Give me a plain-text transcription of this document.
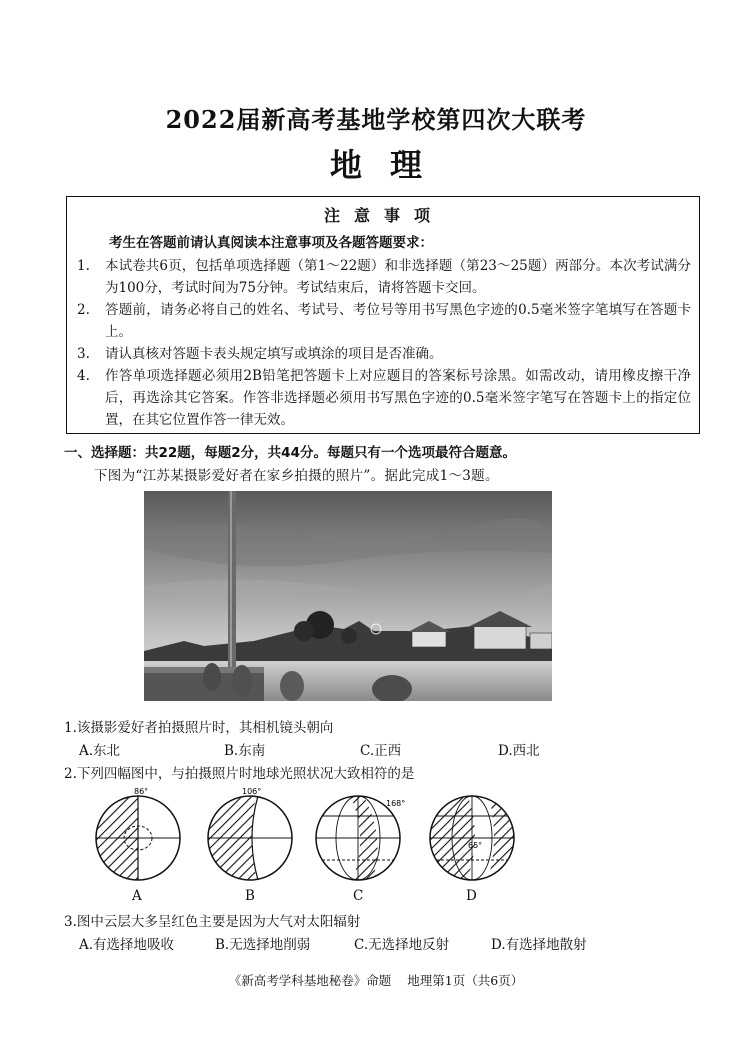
2022届新高考基地学校第四次大联考
地理
注意事项
考生在答题前请认真阅读本注意事项及各题答题要求：
1.	本试卷共6页，包括单项选择题（第1～22题）和非选择题（第23～25题）两部分。本次考试满分为100分，考试时间为75分钟。考试结束后，请将答题卡交回。
2.	答题前，请务必将自己的姓名、考试号、考位号等用书写黑色字迹的0.5毫米签字笔填写在答题卡上。
3.	请认真核对答题卡表头规定填写或填涂的项目是否准确。
4.	作答单项选择题必须用2B铅笔把答题卡上对应题目的答案标号涂黑。如需改动，请用橡皮擦干净后，再选涂其它答案。作答非选择题必须用书写黑色字迹的0.5毫米签字笔写在答题卡上的指定位置，在其它位置作答一律无效。
一、选择题：共22题，每题2分，共44分。每题只有一个选项最符合题意。
下图为“江苏某摄影爱好者在家乡拍摄的照片”。据此完成1～3题。
1.该摄影爱好者拍摄照片时，其相机镜头朝向
A.东北	B.东南	C.正西	D.西北
2.下列四幅图中，与拍摄照片时地球光照状况大致相符的是
86°
A
106°
B
168°
C
65°
D
3.图中云层大多呈红色主要是因为大气对太阳辐射
A.有选择地吸收	B.无选择地削弱	C.无选择地反射	D.有选择地散射
《新高考学科基地秘卷》命题 地理第1页（共6页）
